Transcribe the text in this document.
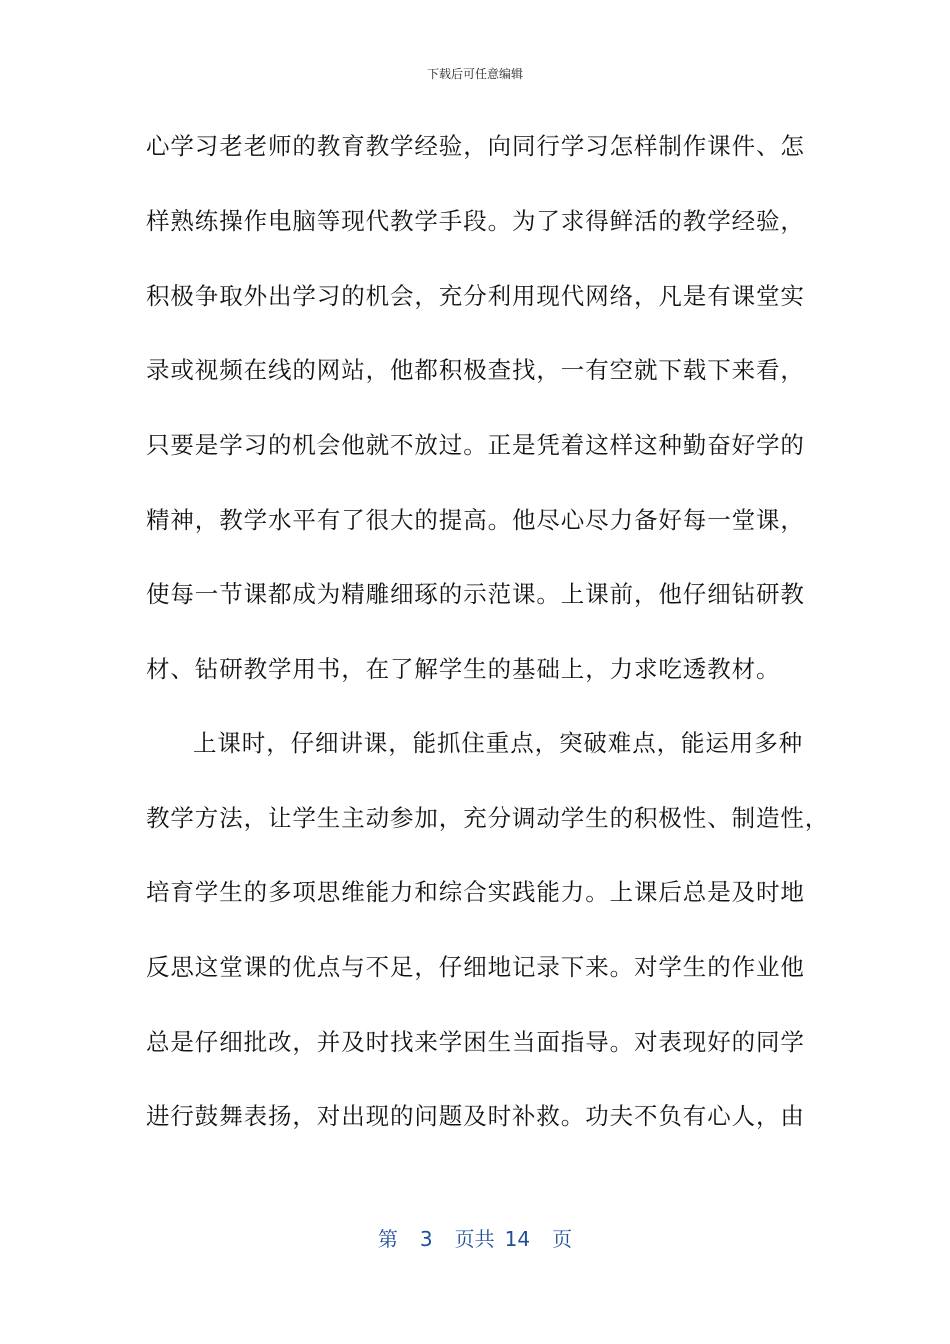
下载后可任意编辑
心学习老老师的教育教学经验，向同行学习怎样制作课件、怎
样熟练操作电脑等现代教学手段。为了求得鲜活的教学经验，
积极争取外出学习的机会，充分利用现代网络，凡是有课堂实
录或视频在线的网站，他都积极查找，一有空就下载下来看，
只要是学习的机会他就不放过。正是凭着这样这种勤奋好学的
精神，教学水平有了很大的提高。他尽心尽力备好每一堂课，
使每一节课都成为精雕细琢的示范课。上课前，他仔细钻研教
材、钻研教学用书，在了解学生的基础上，力求吃透教材。
上课时，仔细讲课，能抓住重点，突破难点，能运用多种
教学方法，让学生主动参加，充分调动学生的积极性、制造性，
培育学生的多项思维能力和综合实践能力。上课后总是及时地
反思这堂课的优点与不足，仔细地记录下来。对学生的作业他
总是仔细批改，并及时找来学困生当面指导。对表现好的同学
进行鼓舞表扬，对出现的问题及时补救。功夫不负有心人，由
第 3 页共 14 页
